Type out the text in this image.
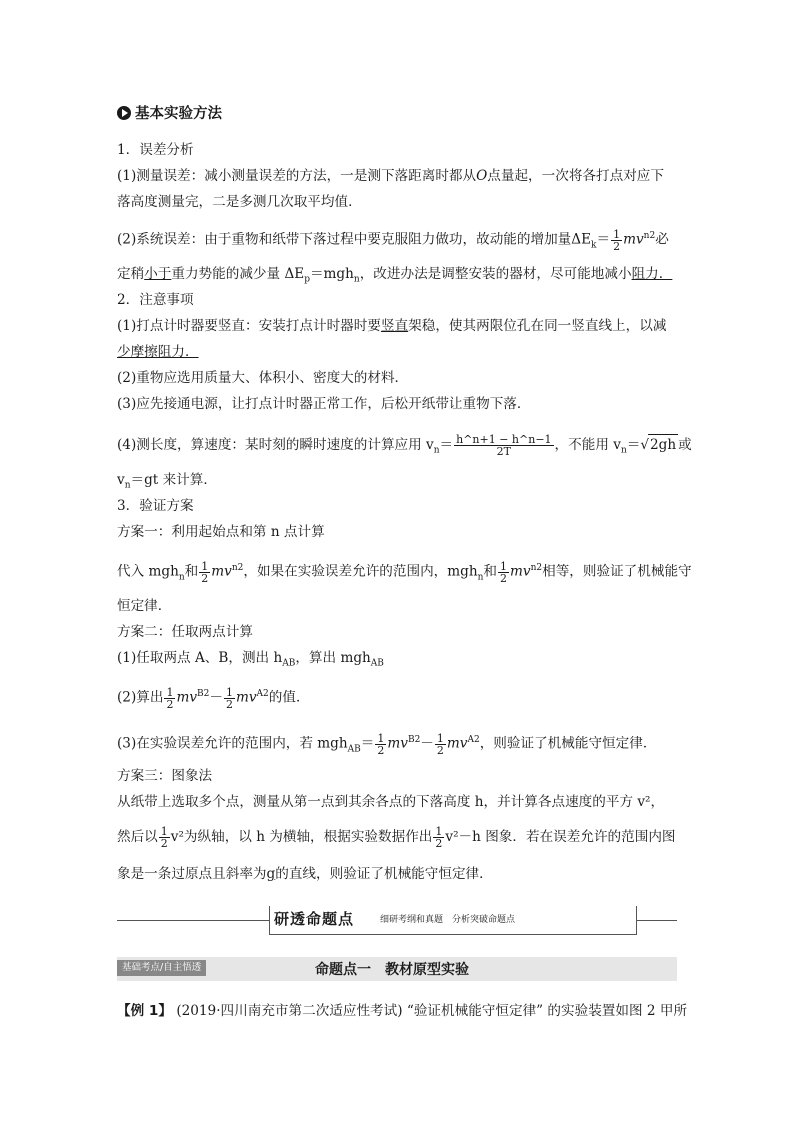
基本实验方法
1．误差分析
(1)测量误差：减小测量误差的方法，一是测下落距离时都从O点量起，一次将各打点对应下
落高度测量完，二是多测几次取平均值．
(2)系统误差：由于重物和纸带下落过程中要克服阻力做功，故动能的增加量$\Delta E_k= \frac{1}{2} mv^{n2}$必
定稍小于重力势能的减少量 $\Delta E_p=mgh_n$，改进办法是调整安装的器材，尽可能地减小阻力．
2．注意事项
(1)打点计时器要竖直：安装打点计时器时要竖直架稳，使其两限位孔在同一竖直线上，以减
少摩擦阻力．
(2)重物应选用质量大、体积小、密度大的材料．
(3)应先接通电源，让打点计时器正常工作，后松开纸带让重物下落．
(4)测长度，算速度：某时刻的瞬时速度的计算应用 $v_n= \frac{h\^{}n+1 - h\^{}n-1}{2T}$ ，不能用 $v_n=√2gh$ 或
$v_n=gt$ 来计算．
3．验证方案
方案一：利用起始点和第 n 点计算
代入 mgh$_n$和 $\frac{1}{2} mv^{n2}$，如果在实验误差允许的范围内，mgh$_n$和 $\frac{1}{2} mv^{n2}$相等，则验证了机械能守
恒定律．
方案二：任取两点计算
(1)任取两点 A、B，测出 $h_{AB}$，算出 mgh$_{AB}$
(2)算出 $\frac{1}{2} mv^{B2}- \frac{1}{2} mv^{A2}$的值．
(3)在实验误差允许的范围内，若 $mgh_{AB}= \frac{1}{2} mv^{B2}- \frac{1}{2} mv^{A2}$，则验证了机械能守恒定律．
方案三：图象法
从纸带上选取多个点，测量从第一点到其余各点的下落高度 h，并计算各点速度的平方 v²，
然后以 $\frac{1}{2} v^2$为纵轴，以 h 为横轴，根据实验数据作出 $\frac{1}{2} v^2-h$ 图象．若在误差允许的范围内图
象是一条过原点且斜率为g的直线，则验证了机械能守恒定律．
研透命题点	细研考纲和真题　 分析突破命题点
基础考点/自主悟透	命题点一　教材原型实验
【例 1】 (2019·四川南充市第二次适应性考试) “验证机械能守恒定律” 的实验装置如图 2 甲所
